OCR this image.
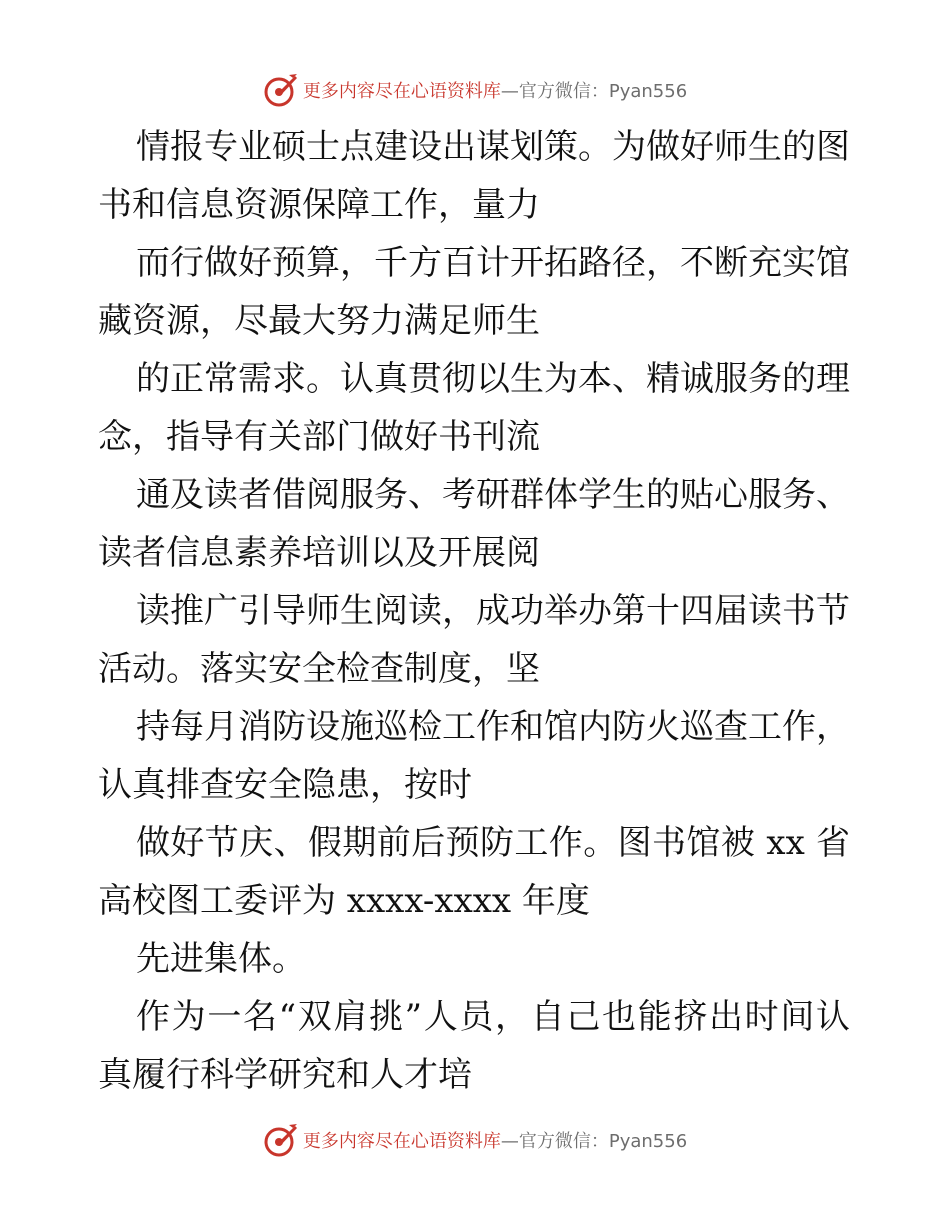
更多内容尽在心语资料库—官方微信：Pyan556
情报专业硕士点建设出谋划策。为做好师生的图
书和信息资源保障工作，量力
而行做好预算，千方百计开拓路径，不断充实馆
藏资源，尽最大努力满足师生
的正常需求。认真贯彻以生为本、精诚服务的理
念，指导有关部门做好书刊流
通及读者借阅服务、考研群体学生的贴心服务、
读者信息素养培训以及开展阅
读推广引导师生阅读，成功举办第十四届读书节
活动。落实安全检查制度，坚
持每月消防设施巡检工作和馆内防火巡查工作，
认真排查安全隐患，按时
做好节庆、假期前后预防工作。图书馆被 xx 省
高校图工委评为 xxxx-xxxx 年度
先进集体。
作为一名“双肩挑”人员，自己也能挤出时间认
真履行科学研究和人才培
更多内容尽在心语资料库—官方微信：Pyan556
